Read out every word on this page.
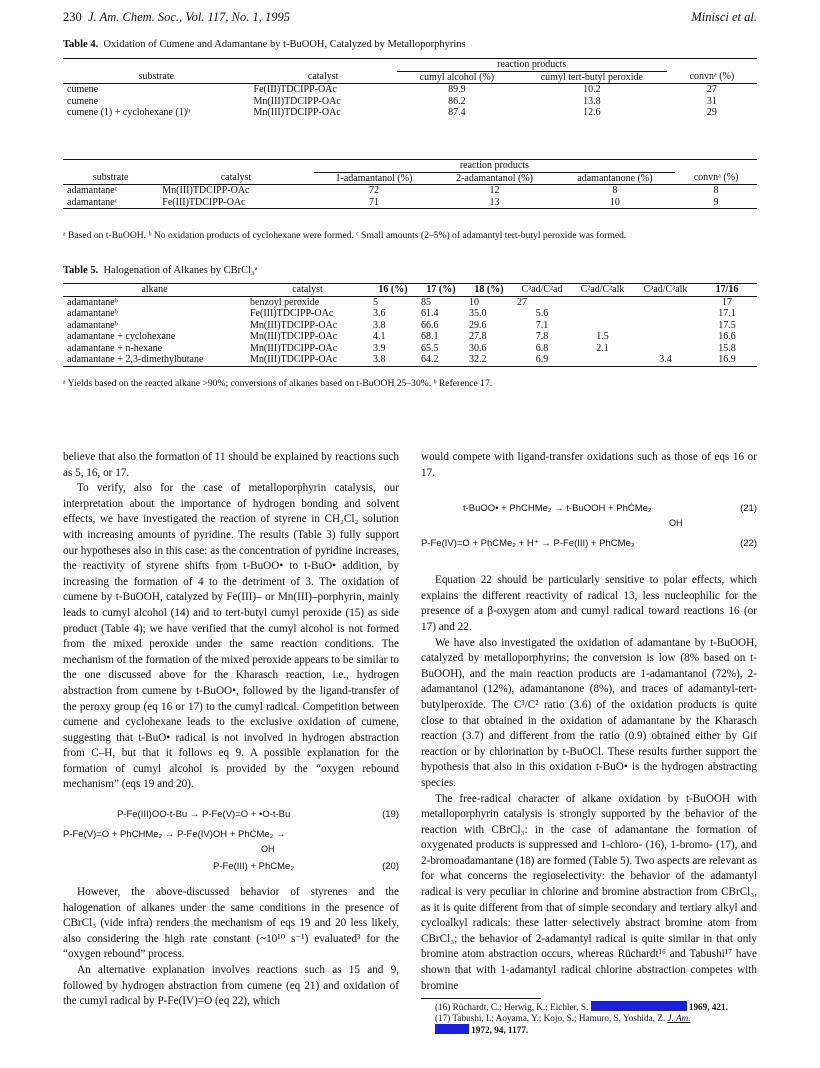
230 J. Am. Chem. Soc., Vol. 117, No. 1, 1995	Minisci et al.
Table 4. Oxidation of Cumene and Adamantane by t-BuOOH, Catalyzed by Metalloporphyrins
		reaction products		
substrate	catalyst	cumyl alcohol (%)	cumyl tert-butyl peroxide	convnᵃ (%)
cumene	Fe(III)TDCIPP-OAc	89.9	10.2	27
cumene	Mn(III)TDCIPP-OAc	86.2	13.8	31
cumene (1) + cyclohexane (1)ᵇ	Mn(III)TDCIPP-OAc	87.4	12.6	29
		reaction products			
substrate	catalyst	1-adamantanol (%)	2-adamantanol (%)	adamantanone (%)	convnᵃ (%)
adamantaneᶜ	Mn(III)TDCIPP-OAc	72	12	8	8
adamantaneᶜ	Fe(III)TDCIPP-OAc	71	13	10	9
ᵃ Based on t-BuOOH. ᵇ No oxidation products of cyclohexane were formed. ᶜ Small amounts (2–5%) of adamantyl tert-butyl peroxide was formed.
Table 5. Halogenation of Alkanes by CBrCl₃ᵃ
alkane	catalyst	16 (%)	17 (%)	18 (%)	C³ad/C²ad	C²ad/C²alk	C³ad/C³alk	17/16
adamantaneᵇ	benzoyl peroxide	5	85	10	27			17
adamantaneᵇ	Fe(III)TDCIPP-OAc	3.6	61.4	35.0	5.6			17.1
adamantaneᵇ	Mn(III)TDCIPP-OAc	3.8	66.6	29.6	7.1			17.5
adamantane + cyclohexane	Mn(III)TDCIPP-OAc	4.1	68.1	27.8	7.8	1.5		16.6
adamantane + n-hexane	Mn(III)TDCIPP-OAc	3.9	65.5	30.6	6.8	2.1		15.8
adamantane + 2,3-dimethylbutane	Mn(III)TDCIPP-OAc	3.8	64.2	32.2	6.9		3.4	16.9
ᵃ Yields based on the reacted alkane >90%; conversions of alkanes based on t-BuOOH 25–30%. ᵇ Reference 17.

believe that also the formation of 11 should be explained by reactions such as 5, 16, or 17.

To verify, also for the case of metalloporphyrin catalysis, our interpretation about the importance of hydrogen bonding and solvent effects, we have investigated the reaction of styrene in CH₂Cl₂ solution with increasing amounts of pyridine. The results (Table 3) fully support our hypotheses also in this case: as the concentration of pyridine increases, the reactivity of styrene shifts from t-BuOO• to t-BuO• addition, by increasing the formation of 4 to the detriment of 3. The oxidation of cumene by t-BuOOH, catalyzed by Fe(III)– or Mn(III)–porphyrin, mainly leads to cumyl alcohol (14) and to tert-butyl cumyl peroxide (15) as side product (Table 4); we have verified that the cumyl alcohol is not formed from the mixed peroxide under the same reaction conditions. The mechanism of the formation of the mixed peroxide appears to be similar to the one discussed above for the Kharasch reaction, i.e., hydrogen abstraction from cumene by t-BuOO•, followed by the ligand-transfer of the peroxy group (eq 16 or 17) to the cumyl radical. Competition between cumene and cyclohexane leads to the exclusive oxidation of cumene, suggesting that t-BuO• radical is not involved in hydrogen abstraction from C–H, but that it follows eq 9. A possible explanation for the formation of cumyl alcohol is provided by the “oxygen rebound mechanism” (eqs 19 and 20).

P-Fe(III)OO-t-Bu → P-Fe(V)=O + •O-t-Bu	(19)
P-Fe(V)=O + PhCHMe₂ → P-Fe(IV)OH + PhĊMe₂ →
OH
P-Fe(III) + PhCMe₂	(20)

However, the above-discussed behavior of styrenes and the halogenation of alkanes under the same conditions in the presence of CBrCl₃ (vide infra) renders the mechanism of eqs 19 and 20 less likely, also considering the high rate constant (~10¹⁰ s⁻¹) evaluated³ for the “oxygen rebound” process.

An alternative explanation involves reactions such as 15 and 9, followed by hydrogen abstraction from cumene (eq 21) and oxidation of the cumyl radical by P-Fe(IV)=O (eq 22), which

would compete with ligand-transfer oxidations such as those of eqs 16 or 17.

t-BuOO• + PhCHMe₂ → t-BuOOH + PhĊMe₂	(21)
OH
P-Fe(IV)=O + PhĊMe₂ + H⁺ → P-Fe(III) + PhCMe₂	(22)

Equation 22 should be particularly sensitive to polar effects, which explains the different reactivity of radical 13, less nucleophilic for the presence of a β-oxygen atom and cumyl radical toward reactions 16 (or 17) and 22.

We have also investigated the oxidation of adamantane by t-BuOOH, catalyzed by metalloporphyrins; the conversion is low (8% based on t-BuOOH), and the main reaction products are 1-adamantanol (72%), 2-adamantanol (12%), adamantanone (8%), and traces of adamantyl-tert-butylperoxide. The C³/C² ratio (3.6) of the oxidation products is quite close to that obtained in the oxidation of adamantane by the Kharasch reaction (3.7) and different from the ratio (0.9) obtained either by Gif reaction or by chlorination by t-BuOCl. These results further support the hypothesis that also in this oxidation t-BuO• is the hydrogen abstracting species.

The free-radical character of alkane oxidation by t-BuOOH with metalloporphyrin catalysis is strongly supported by the behavior of the reaction with CBrCl₃: in the case of adamantane the formation of oxygenated products is suppressed and 1-chloro- (16), 1-bromo- (17), and 2-bromoadamantane (18) are formed (Table 5). Two aspects are relevant as for what concerns the regioselectivity: the behavior of the adamantyl radical is very peculiar in chlorine and bromine abstraction from CBrCl₃, as it is quite different from that of simple secondary and tertiary alkyl and cycloalkyl radicals: these latter selectively abstract bromine atom from CBrCl₃; the behavior of 2-adamantyl radical is quite similar in that only bromine atom abstraction occurs, whereas Rüchardt¹⁶ and Tabushi¹⁷ have shown that with 1-adamantyl radical chlorine abstraction competes with bromine

(16) Rüchardt, C.; Herwig, K.; Eichler, S.	1969, 421.

(17) Tabushi, I.; Aoyama, Y.; Kojo, S.; Hamuro, S, Yoshida, Z. J. Am.
1972, 94, 1177.
